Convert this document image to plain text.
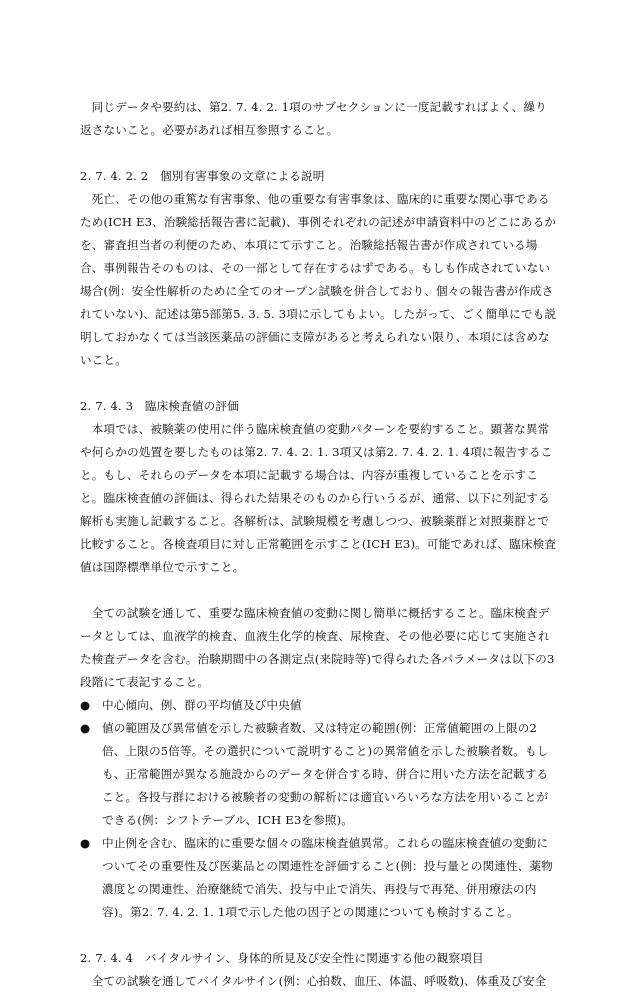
同じデータや要約は、第2. 7. 4. 2. 1項のサブセクションに一度記載すればよく、繰り返さないこと。必要があれば相互参照すること。

2. 7. 4. 2. 2　個別有害事象の文章による説明

死亡、その他の重篤な有害事象、他の重要な有害事象は、臨床的に重要な関心事であるため(ICH E3、治験総括報告書に記載)、事例それぞれの記述が申請資料中のどこにあるかを、審査担当者の利便のため、本項にて示すこと。治験総括報告書が作成されている場合、事例報告そのものは、その一部として存在するはずである。もしも作成されていない場合(例：安全性解析のために全てのオープン試験を併合しており、個々の報告書が作成されていない)、記述は第5部第5. 3. 5. 3項に示してもよい。したがって、ごく簡単にでも説明しておかなくては当該医薬品の評価に支障があると考えられない限り、本項には含めないこと。

2. 7. 4. 3　臨床検査値の評価

本項では、被験薬の使用に伴う臨床検査値の変動パターンを要約すること。顕著な異常や何らかの処置を要したものは第2. 7. 4. 2. 1. 3項又は第2. 7. 4. 2. 1. 4項に報告すること。もし、それらのデータを本項に記載する場合は、内容が重複していることを示すこと。臨床検査値の評価は、得られた結果そのものから行いうるが、通常、以下に列記する解析も実施し記載すること。各解析は、試験規模を考慮しつつ、被験薬群と対照薬群とで比較すること。各検査項目に対し正常範囲を示すこと(ICH E3)。可能であれば、臨床検査値は国際標準単位で示すこと。

全ての試験を通して、重要な臨床検査値の変動に関し簡単に概括すること。臨床検査データとしては、血液学的検査、血液生化学的検査、尿検査、その他必要に応じて実施された検査データを含む。治験期間中の各測定点(来院時等)で得られた各パラメータは以下の3段階にて表記すること。

●	中心傾向、例、群の平均値及び中央値
●	値の範囲及び異常値を示した被験者数、又は特定の範囲(例：正常値範囲の上限の2倍、上限の5倍等。その選択について説明すること)の異常値を示した被験者数。もしも、正常範囲が異なる施設からのデータを併合する時、併合に用いた方法を記載すること。各投与群における被験者の変動の解析には適宜いろいろな方法を用いることができる(例：シフトテーブル、ICH E3を参照)。
●	中止例を含む、臨床的に重要な個々の臨床検査値異常。これらの臨床検査値の変動についてその重要性及び医薬品との関連性を評価すること(例：投与量との関連性、薬物濃度との関連性、治療継続で消失、投与中止で消失、再投与で再発、併用療法の内容)。第2. 7. 4. 2. 1. 1項で示した他の因子との関連についても検討すること。

2. 7. 4. 4　バイタルサイン、身体的所見及び安全性に関連する他の観察項目

全ての試験を通してバイタルサイン(例：心拍数、血圧、体温、呼吸数)、体重及び安全
